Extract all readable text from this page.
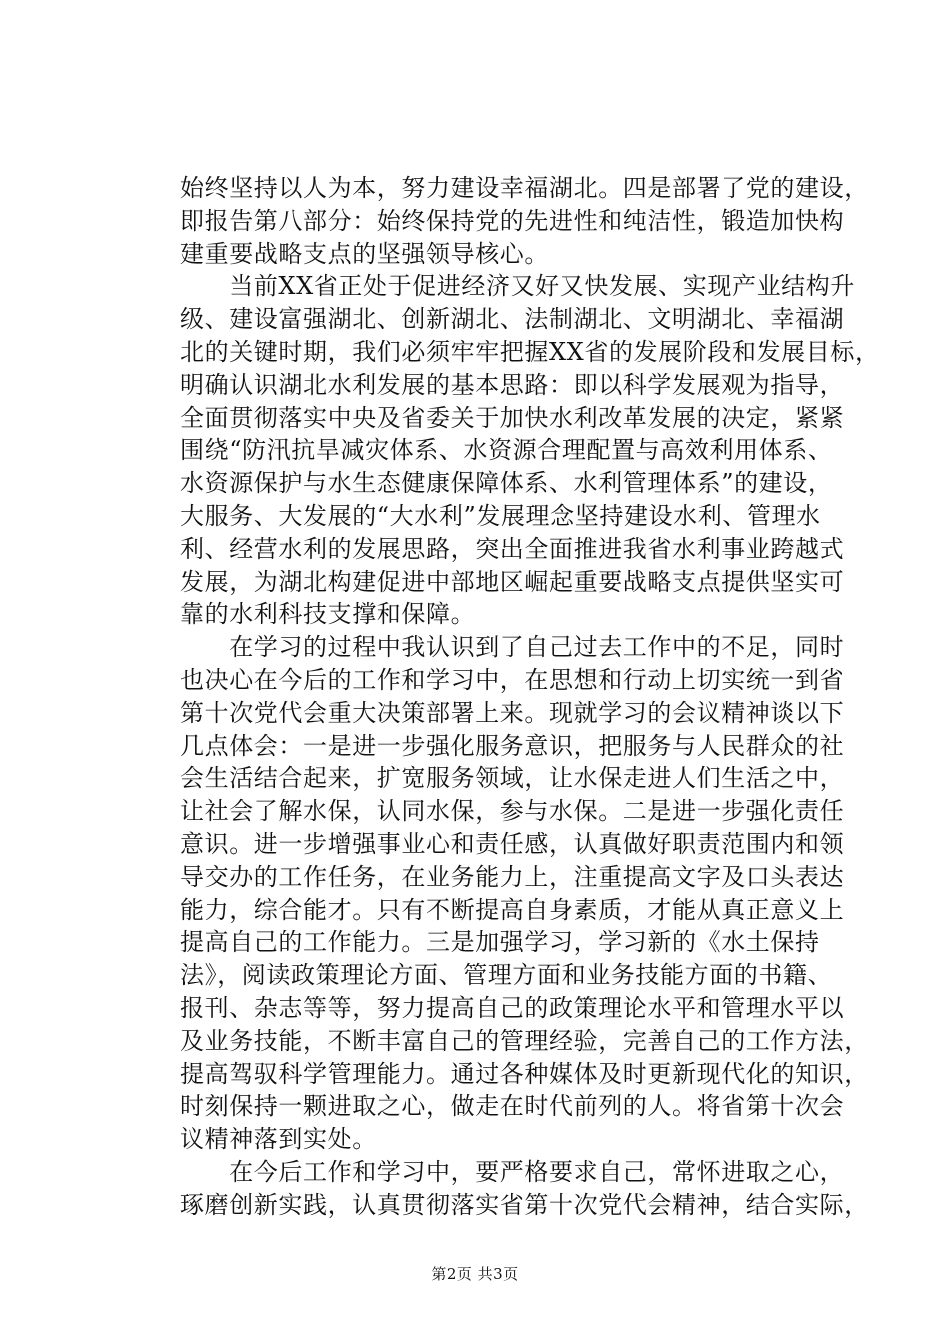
始终坚持以人为本，努力建设幸福湖北。四是部署了党的建设，
即报告第八部分：始终保持党的先进性和纯洁性，锻造加快构
建重要战略支点的坚强领导核心。
　　当前XX省正处于促进经济又好又快发展、实现产业结构升
级、建设富强湖北、创新湖北、法制湖北、文明湖北、幸福湖
北的关键时期，我们必须牢牢把握XX省的发展阶段和发展目标，
明确认识湖北水利发展的基本思路：即以科学发展观为指导，
全面贯彻落实中央及省委关于加快水利改革发展的决定，紧紧
围绕“防汛抗旱减灾体系、水资源合理配置与高效利用体系、
水资源保护与水生态健康保障体系、水利管理体系”的建设，
大服务、大发展的“大水利”发展理念坚持建设水利、管理水
利、经营水利的发展思路，突出全面推进我省水利事业跨越式
发展，为湖北构建促进中部地区崛起重要战略支点提供坚实可
靠的水利科技支撑和保障。
　　在学习的过程中我认识到了自己过去工作中的不足，同时
也决心在今后的工作和学习中，在思想和行动上切实统一到省
第十次党代会重大决策部署上来。现就学习的会议精神谈以下
几点体会：一是进一步强化服务意识，把服务与人民群众的社
会生活结合起来，扩宽服务领域，让水保走进人们生活之中，
让社会了解水保，认同水保，参与水保。二是进一步强化责任
意识。进一步增强事业心和责任感，认真做好职责范围内和领
导交办的工作任务，在业务能力上，注重提高文字及口头表达
能力，综合能才。只有不断提高自身素质，才能从真正意义上
提高自己的工作能力。三是加强学习，学习新的《水土保持
法》，阅读政策理论方面、管理方面和业务技能方面的书籍、
报刊、杂志等等，努力提高自己的政策理论水平和管理水平以
及业务技能，不断丰富自己的管理经验，完善自己的工作方法，
提高驾驭科学管理能力。通过各种媒体及时更新现代化的知识，
时刻保持一颗进取之心，做走在时代前列的人。将省第十次会
议精神落到实处。
　　在今后工作和学习中，要严格要求自己，常怀进取之心，
琢磨创新实践，认真贯彻落实省第十次党代会精神，结合实际，
第2页 共3页
